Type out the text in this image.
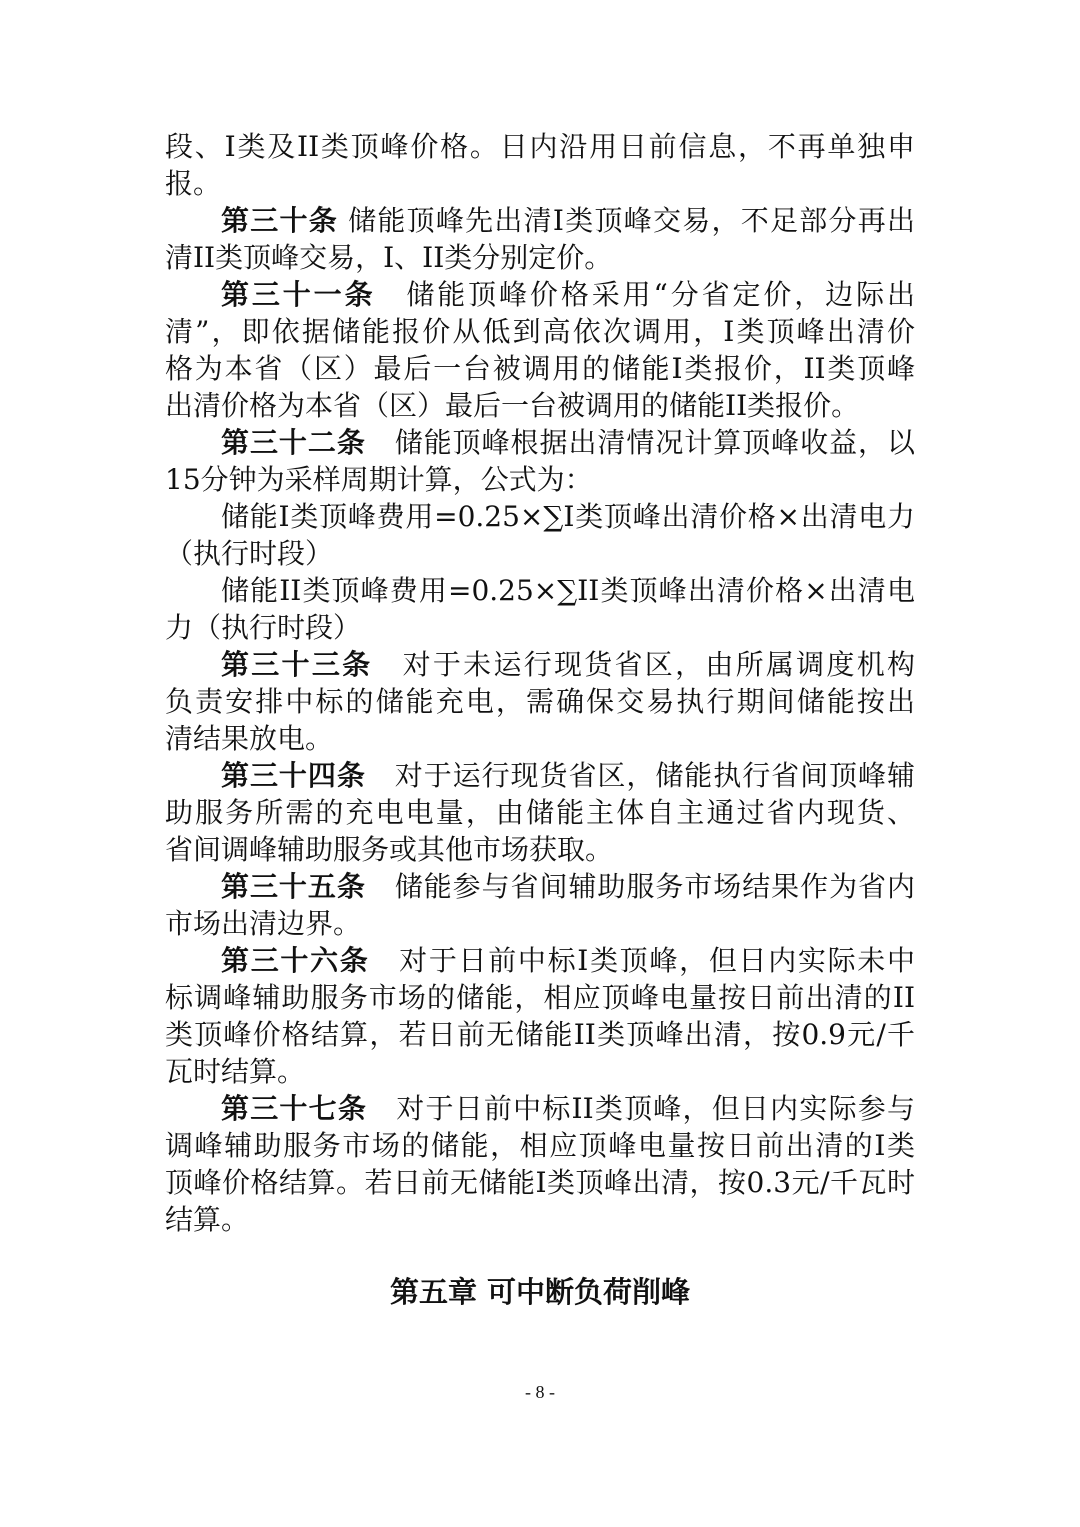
段、I类及II类顶峰价格。日内沿用日前信息，不再单独申
报。
第三十条 储能顶峰先出清I类顶峰交易，不足部分再出
清II类顶峰交易，I、II类分别定价。
第三十一条　储能顶峰价格采用“分省定价，边际出
清”，即依据储能报价从低到高依次调用，I类顶峰出清价
格为本省（区）最后一台被调用的储能I类报价，II类顶峰
出清价格为本省（区）最后一台被调用的储能II类报价。
第三十二条　储能顶峰根据出清情况计算顶峰收益，以
15分钟为采样周期计算，公式为：
储能I类顶峰费用=0.25×∑I类顶峰出清价格×出清电力
（执行时段）
储能II类顶峰费用=0.25×∑II类顶峰出清价格×出清电
力（执行时段）
第三十三条　对于未运行现货省区，由所属调度机构
负责安排中标的储能充电，需确保交易执行期间储能按出
清结果放电。
第三十四条　对于运行现货省区，储能执行省间顶峰辅
助服务所需的充电电量，由储能主体自主通过省内现货、
省间调峰辅助服务或其他市场获取。
第三十五条　储能参与省间辅助服务市场结果作为省内
市场出清边界。
第三十六条　对于日前中标I类顶峰，但日内实际未中
标调峰辅助服务市场的储能，相应顶峰电量按日前出清的II
类顶峰价格结算，若日前无储能II类顶峰出清，按0.9元/千
瓦时结算。
第三十七条　对于日前中标II类顶峰，但日内实际参与
调峰辅助服务市场的储能，相应顶峰电量按日前出清的I类
顶峰价格结算。若日前无储能I类顶峰出清，按0.3元/千瓦时
结算。
第五章 可中断负荷削峰
- 8 -
